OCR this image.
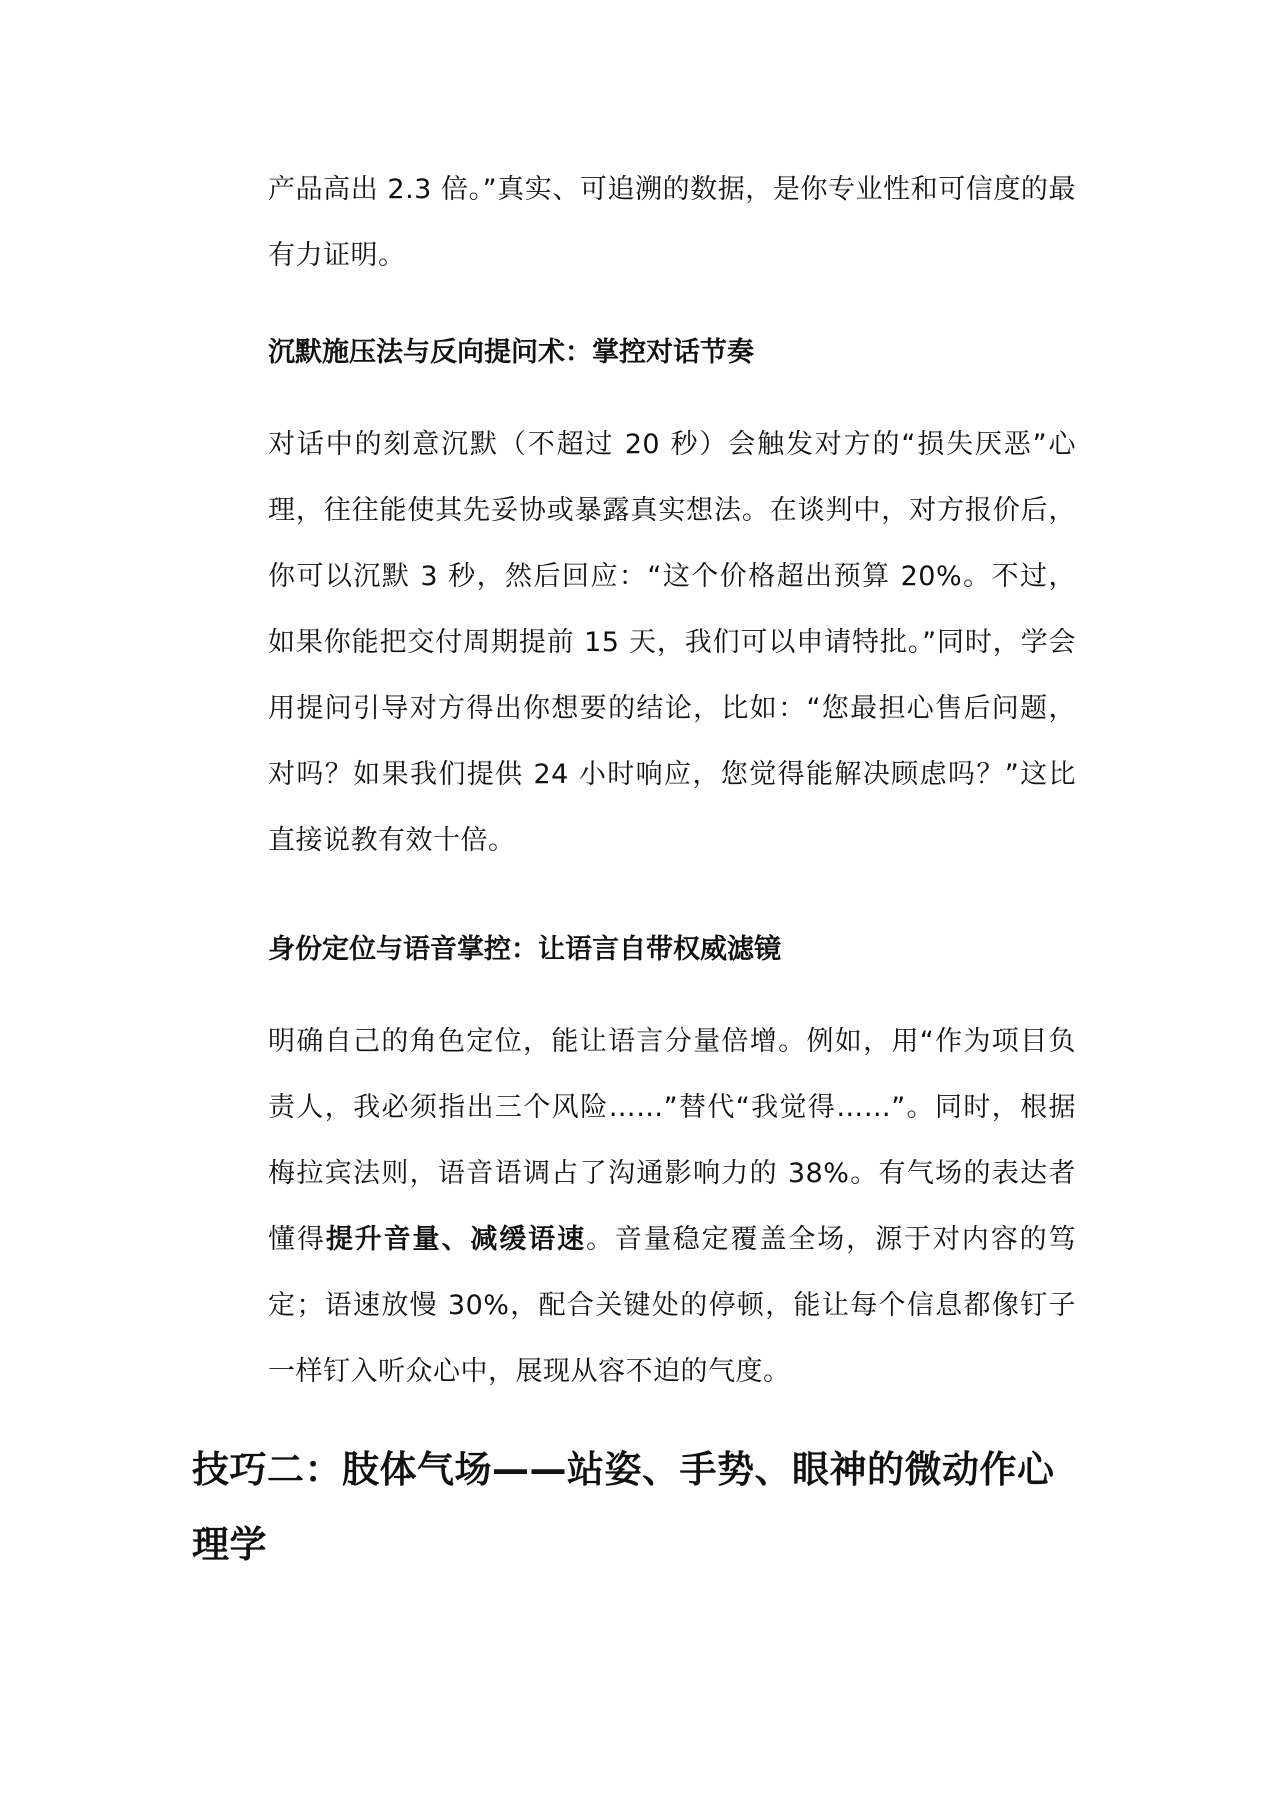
产品高出 2.3 倍。”真实、可追溯的数据，是你专业性和可信度的最有力证明。

沉默施压法与反向提问术：掌控对话节奏

对话中的刻意沉默（不超过 20 秒）会触发对方的“损失厌恶”心理，往往能使其先妥协或暴露真实想法。在谈判中，对方报价后，你可以沉默 3 秒，然后回应：“这个价格超出预算 20%。不过，如果你能把交付周期提前 15 天，我们可以申请特批。”同时，学会用提问引导对方得出你想要的结论，比如：“您最担心售后问题，对吗？如果我们提供 24 小时响应，您觉得能解决顾虑吗？”这比直接说教有效十倍。

身份定位与语音掌控：让语言自带权威滤镜

明确自己的角色定位，能让语言分量倍增。例如，用“作为项目负责人，我必须指出三个风险……”替代“我觉得……”。同时，根据梅拉宾法则，语音语调占了沟通影响力的 38%。有气场的表达者懂得提升音量、减缓语速。音量稳定覆盖全场，源于对内容的笃定；语速放慢 30%，配合关键处的停顿，能让每个信息都像钉子一样钉入听众心中，展现从容不迫的气度。

技巧二：肢体气场——站姿、手势、眼神的微动作心理学
